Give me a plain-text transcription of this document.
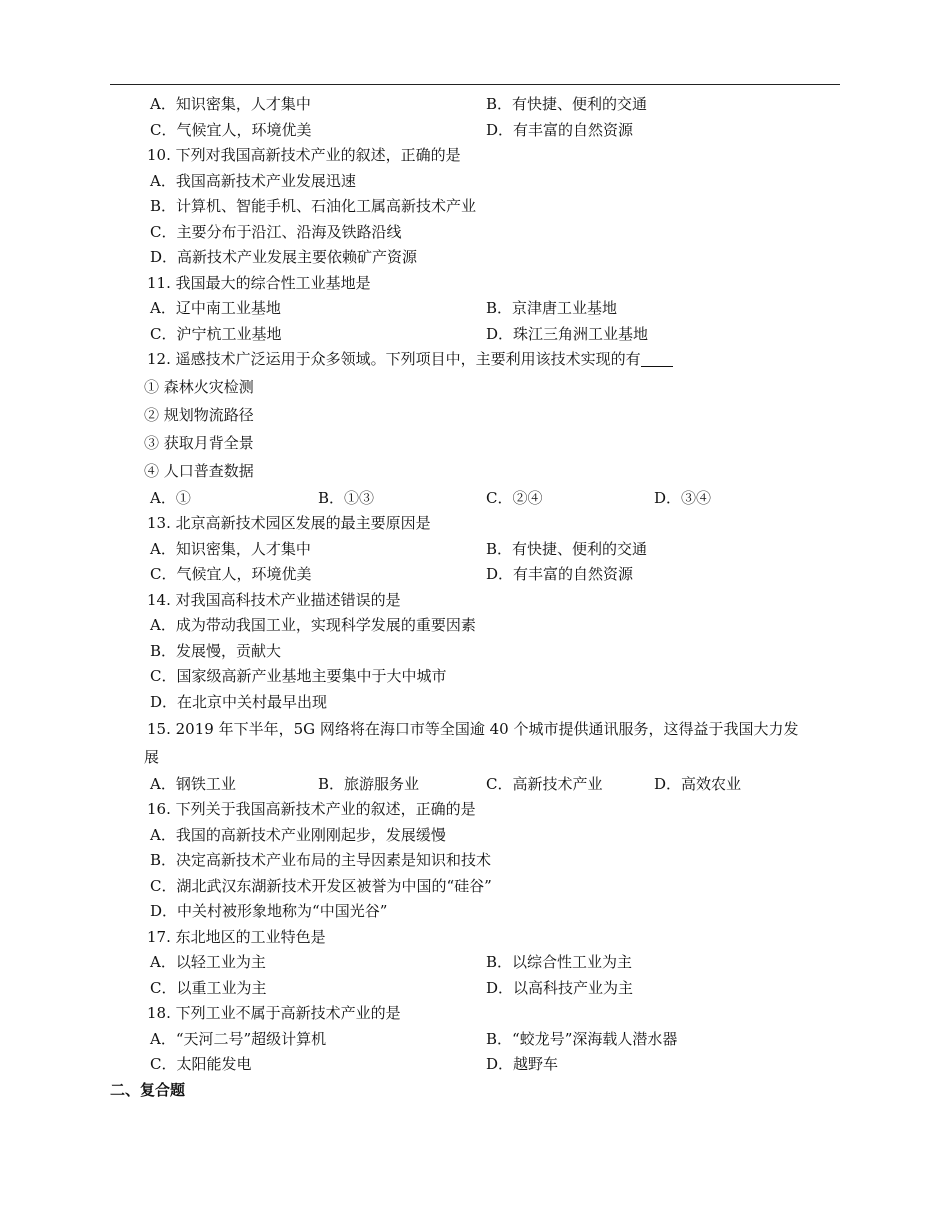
A．知识密集，人才集中	B．有快捷、便利的交通
C．气候宜人，环境优美	D．有丰富的自然资源
10. 下列对我国高新技术产业的叙述，正确的是
A．我国高新技术产业发展迅速
B．计算机、智能手机、石油化工属高新技术产业
C．主要分布于沿江、沿海及铁路沿线
D．高新技术产业发展主要依赖矿产资源
11. 我国最大的综合性工业基地是
A．辽中南工业基地	B．京津唐工业基地
C．沪宁杭工业基地	D．珠江三角洲工业基地
12. 遥感技术广泛运用于众多领域。下列项目中，主要利用该技术实现的有
① 森林火灾检测
② 规划物流路径
③ 获取月背全景
④ 人口普查数据
A．①	B．①③	C．②④	D．③④
13. 北京高新技术园区发展的最主要原因是
A．知识密集，人才集中	B．有快捷、便利的交通
C．气候宜人，环境优美	D．有丰富的自然资源
14. 对我国高科技术产业描述错误的是
A．成为带动我国工业，实现科学发展的重要因素
B．发展慢，贡献大
C．国家级高新产业基地主要集中于大中城市
D．在北京中关村最早出现
15. 2019 年下半年，5G 网络将在海口市等全国逾 40 个城市提供通讯服务，这得益于我国大力发
展
A．钢铁工业	B．旅游服务业	C．高新技术产业	D．高效农业
16. 下列关于我国高新技术产业的叙述，正确的是
A．我国的高新技术产业刚刚起步，发展缓慢
B．决定高新技术产业布局的主导因素是知识和技术
C．湖北武汉东湖新技术开发区被誉为中国的“硅谷”
D．中关村被形象地称为“中国光谷”
17. 东北地区的工业特色是
A．以轻工业为主	B．以综合性工业为主
C．以重工业为主	D．以高科技产业为主
18. 下列工业不属于高新技术产业的是
A．“天河二号”超级计算机	B．“蛟龙号”深海载人潜水器
C．太阳能发电	D．越野车
二、复合题
